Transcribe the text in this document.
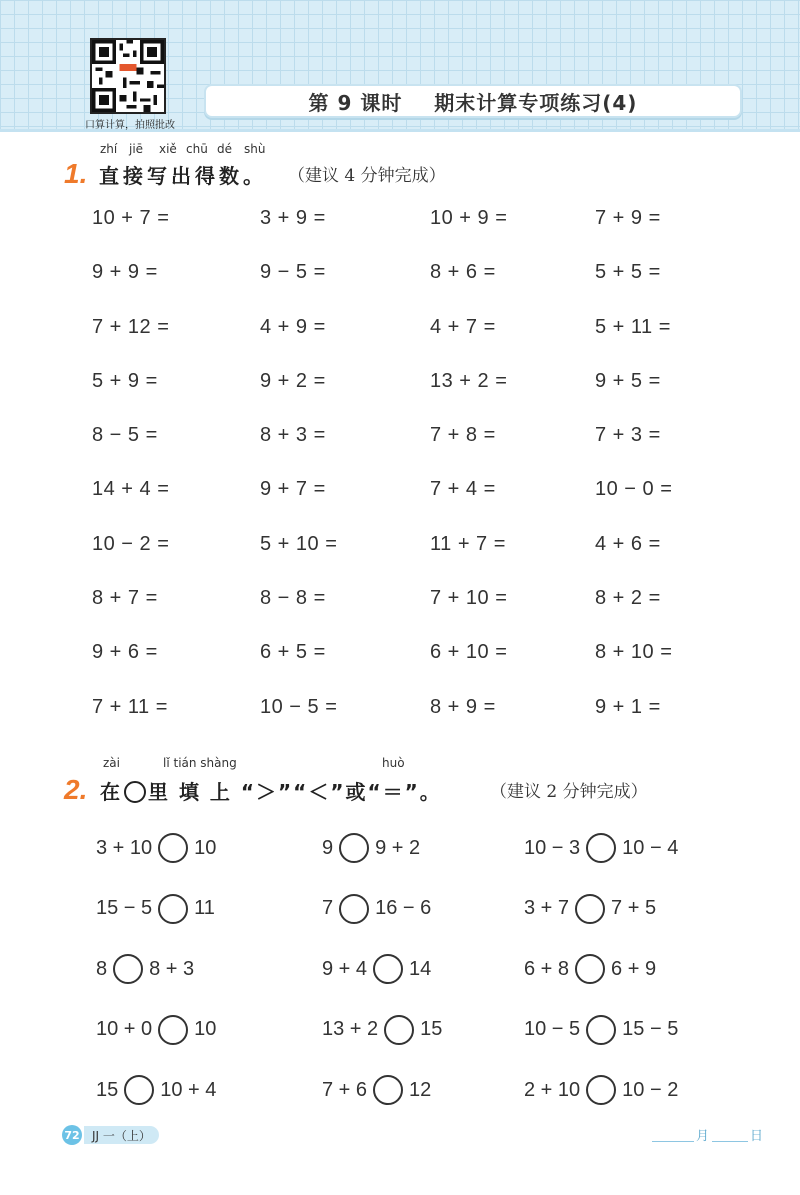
口算计算，拍照批改
第 9 课时
期末计算专项练习(4)
zhí jiē xiě chū dé shù
1. 直接写出得数。 （建议 4 分钟完成）
10 + 7 =	3 + 9 =	10 + 9 =	7 + 9 =
9 + 9 =	9 − 5 =	8 + 6 =	5 + 5 =
7 + 12 =	4 + 9 =	4 + 7 =	5 + 11 =
5 + 9 =	9 + 2 =	13 + 2 =	9 + 5 =
8 − 5 =	8 + 3 =	7 + 8 =	7 + 3 =
14 + 4 =	9 + 7 =	7 + 4 =	10 − 0 =
10 − 2 =	5 + 10 =	11 + 7 =	4 + 6 =
8 + 7 =	8 − 8 =	7 + 10 =	8 + 2 =
9 + 6 =	6 + 5 =	6 + 10 =	8 + 10 =
7 + 11 =	10 − 5 =	8 + 9 =	9 + 1 =
zài	lǐ tián shàng	huò
2. 在 里 填 上 “＞”“＜”或“＝”。	（建议 2 分钟完成）
3 + 10 10	9 9 + 2	10 − 3 10 − 4
15 − 5 11	7 16 − 6	3 + 7 7 + 5
8 8 + 3	9 + 4 14	6 + 8 6 + 9
10 + 0 10	13 + 2 15	10 − 5 15 − 5
15 10 + 4	7 + 6 12	2 + 10 10 − 2
72	JJ 一（上）	月	日
